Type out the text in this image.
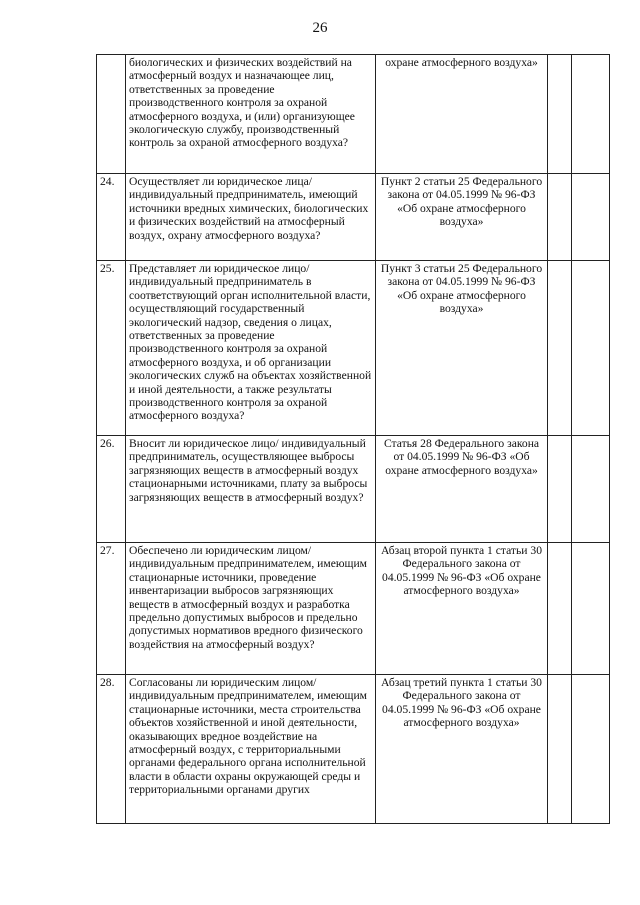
26
	биологических и физических воздействий на атмосферный воздух и назначающее лиц, ответственных за проведение производственного контроля за охраной атмосферного воздуха, и (или) организующее экологическую службу, производственный контроль за охраной атмосферного воздуха?	охране атмосферного воздуха»		
24.	Осуществляет ли юридическое лица/ индивидуальный предприниматель, имеющий источники вредных химических, биологических и физических воздействий на атмосферный воздух, охрану атмосферного воздуха?	Пункт 2 статьи 25 Федерального закона от 04.05.1999 № 96-ФЗ «Об охране атмосферного воздуха»		
25.	Представляет ли юридическое лицо/ индивидуальный предприниматель в соответствующий орган исполнительной власти, осуществляющий государственный экологический надзор, сведения о лицах, ответственных за проведение производственного контроля за охраной атмосферного воздуха, и об организации экологических служб на объектах хозяйственной и иной деятельности, а также результаты производственного контроля за охраной атмосферного воздуха?	Пункт 3 статьи 25 Федерального закона от 04.05.1999 № 96-ФЗ «Об охране атмосферного воздуха»		
26.	Вносит ли юридическое лицо/ индивидуальный предприниматель, осуществляющее выбросы загрязняющих веществ в атмосферный воздух стационарными источниками, плату за выбросы загрязняющих веществ в атмосферный воздух?	Статья 28 Федерального закона от 04.05.1999 № 96-ФЗ «Об охране атмосферного воздуха»		
27.	Обеспечено ли юридическим лицом/ индивидуальным предпринимателем, имеющим стационарные источники, проведение инвентаризации выбросов загрязняющих веществ в атмосферный воздух и разработка предельно допустимых выбросов и предельно допустимых нормативов вредного физического воздействия на атмосферный воздух?	Абзац второй пункта 1 статьи 30 Федерального закона от 04.05.1999 № 96-ФЗ «Об охране атмосферного воздуха»		
28.	Согласованы ли юридическим лицом/ индивидуальным предпринимателем, имеющим стационарные источники, места строительства объектов хозяйственной и иной деятельности, оказывающих вредное воздействие на атмосферный воздух, с территориальными органами федерального органа исполнительной власти в области охраны окружающей среды и территориальными органами других	Абзац третий пункта 1 статьи 30 Федерального закона от 04.05.1999 № 96-ФЗ «Об охране атмосферного воздуха»		
